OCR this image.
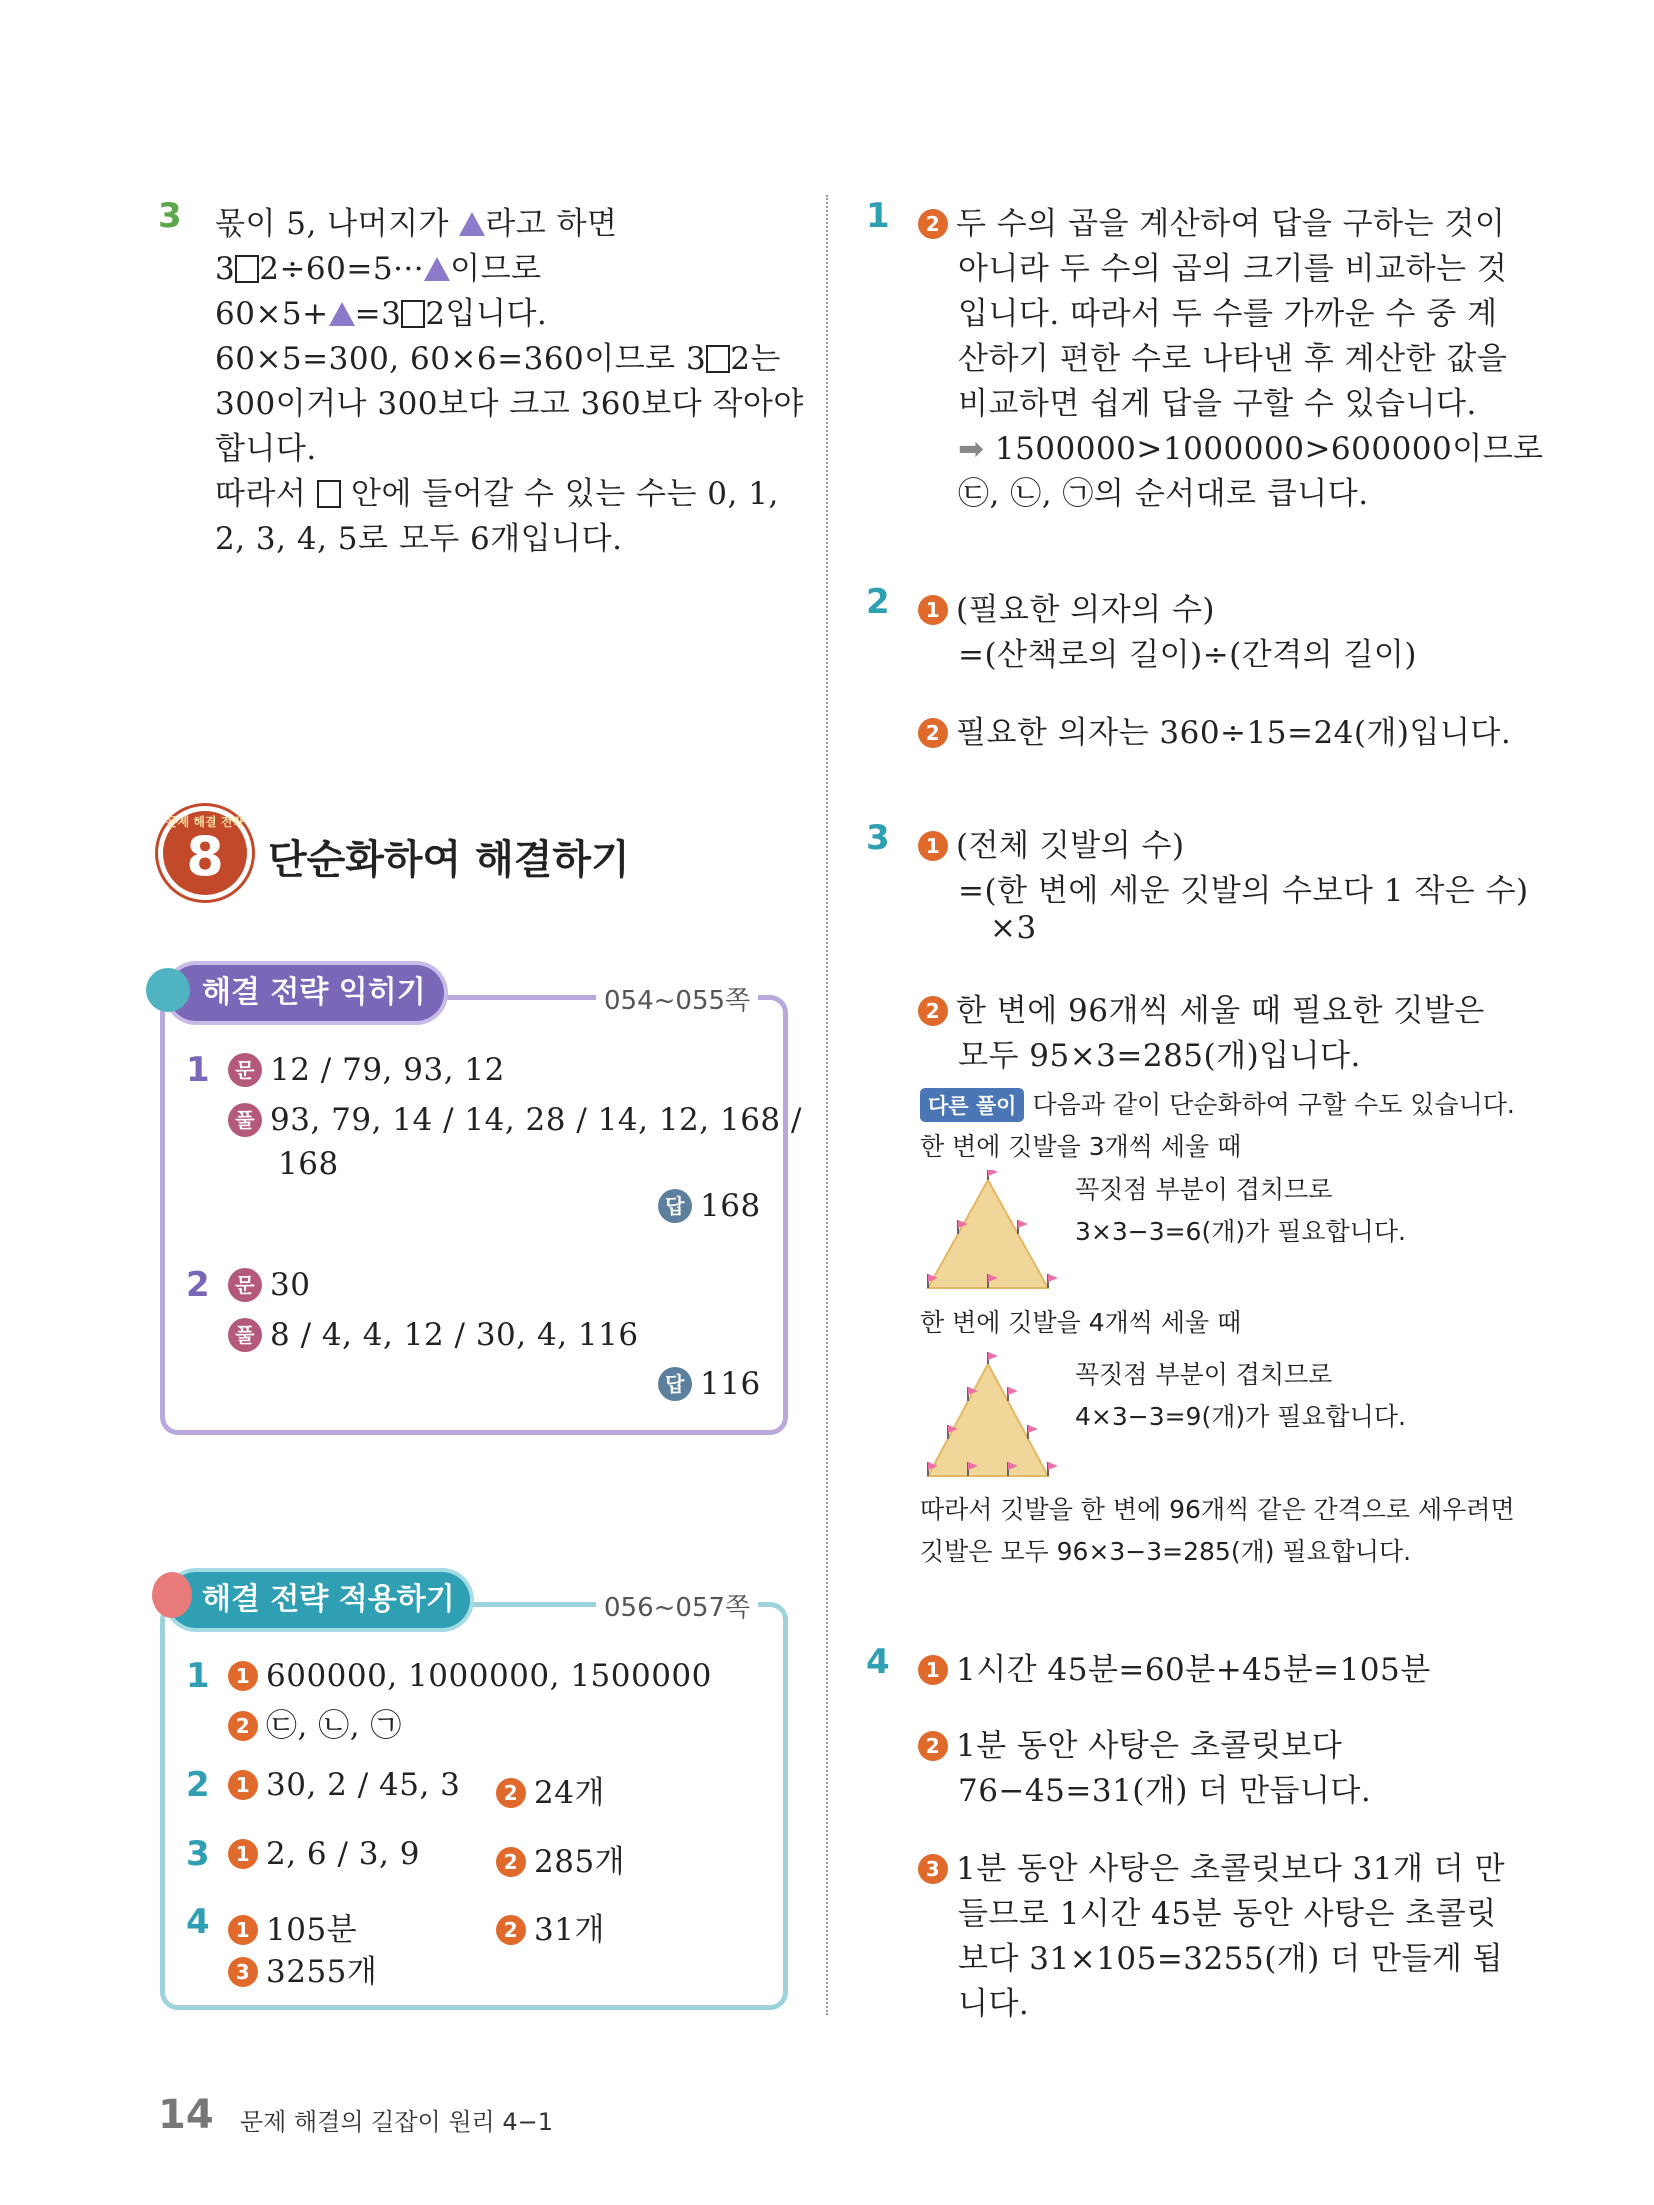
3 몫이 5, 나머지가 라고 하면
3 2÷60=5··· 이므로
60×5+ =3 2입니다.
60×5=300, 60×6=360이므로 3 2는
300이거나 300보다 크고 360보다 작아야
합니다.
따라서  안에 들어갈 수 있는 수는 0, 1,
2, 3, 4, 5로 모두 6개입니다.
문제 해결 전략
8	단순화하여 해결하기
해결 전략 익히기	054~055쪽
1	문 12 / 79, 93, 12
풀 93, 79, 14 / 14, 28 / 14, 12, 168 /
168
답 168
2	문 30
풀 8 / 4, 4, 12 / 30, 4, 116
답 116
해결 전략 적용하기	056~057쪽
1	1 600000, 1000000, 1500000
2 ㉢, ㉡, ㉠
2	1 30, 2 / 45, 3	2 24개
3	1 2, 6 / 3, 9	2 285개
4	1 105분	2 31개
3 3255개
1	2 두 수의 곱을 계산하여 답을 구하는 것이
아니라 두 수의 곱의 크기를 비교하는 것
입니다. 따라서 두 수를 가까운 수 중 계
산하기 편한 수로 나타낸 후 계산한 값을
비교하면 쉽게 답을 구할 수 있습니다.
➡ 1500000>1000000>600000이므로
㉢, ㉡, ㉠의 순서대로 큽니다.
2	1 (필요한 의자의 수)
=(산책로의 길이)÷(간격의 길이)
2 필요한 의자는 360÷15=24(개)입니다.
3	1 (전체 깃발의 수)
=(한 변에 세운 깃발의 수보다 1 작은 수)
×3
2 한 변에 96개씩 세울 때 필요한 깃발은
모두 95×3=285(개)입니다.
다른 풀이 다음과 같이 단순화하여 구할 수도 있습니다.
한 변에 깃발을 3개씩 세울 때
꼭짓점 부분이 겹치므로
3×3−3=6(개)가 필요합니다.
한 변에 깃발을 4개씩 세울 때
꼭짓점 부분이 겹치므로
4×3−3=9(개)가 필요합니다.
따라서 깃발을 한 변에 96개씩 같은 간격으로 세우려면
깃발은 모두 96×3−3=285(개) 필요합니다.
4	1 1시간 45분=60분+45분=105분
2 1분 동안 사탕은 초콜릿보다
76−45=31(개) 더 만듭니다.
3 1분 동안 사탕은 초콜릿보다 31개 더 만
들므로 1시간 45분 동안 사탕은 초콜릿
보다 31×105=3255(개) 더 만들게 됩
니다.
14 문제 해결의 길잡이 원리 4−1
